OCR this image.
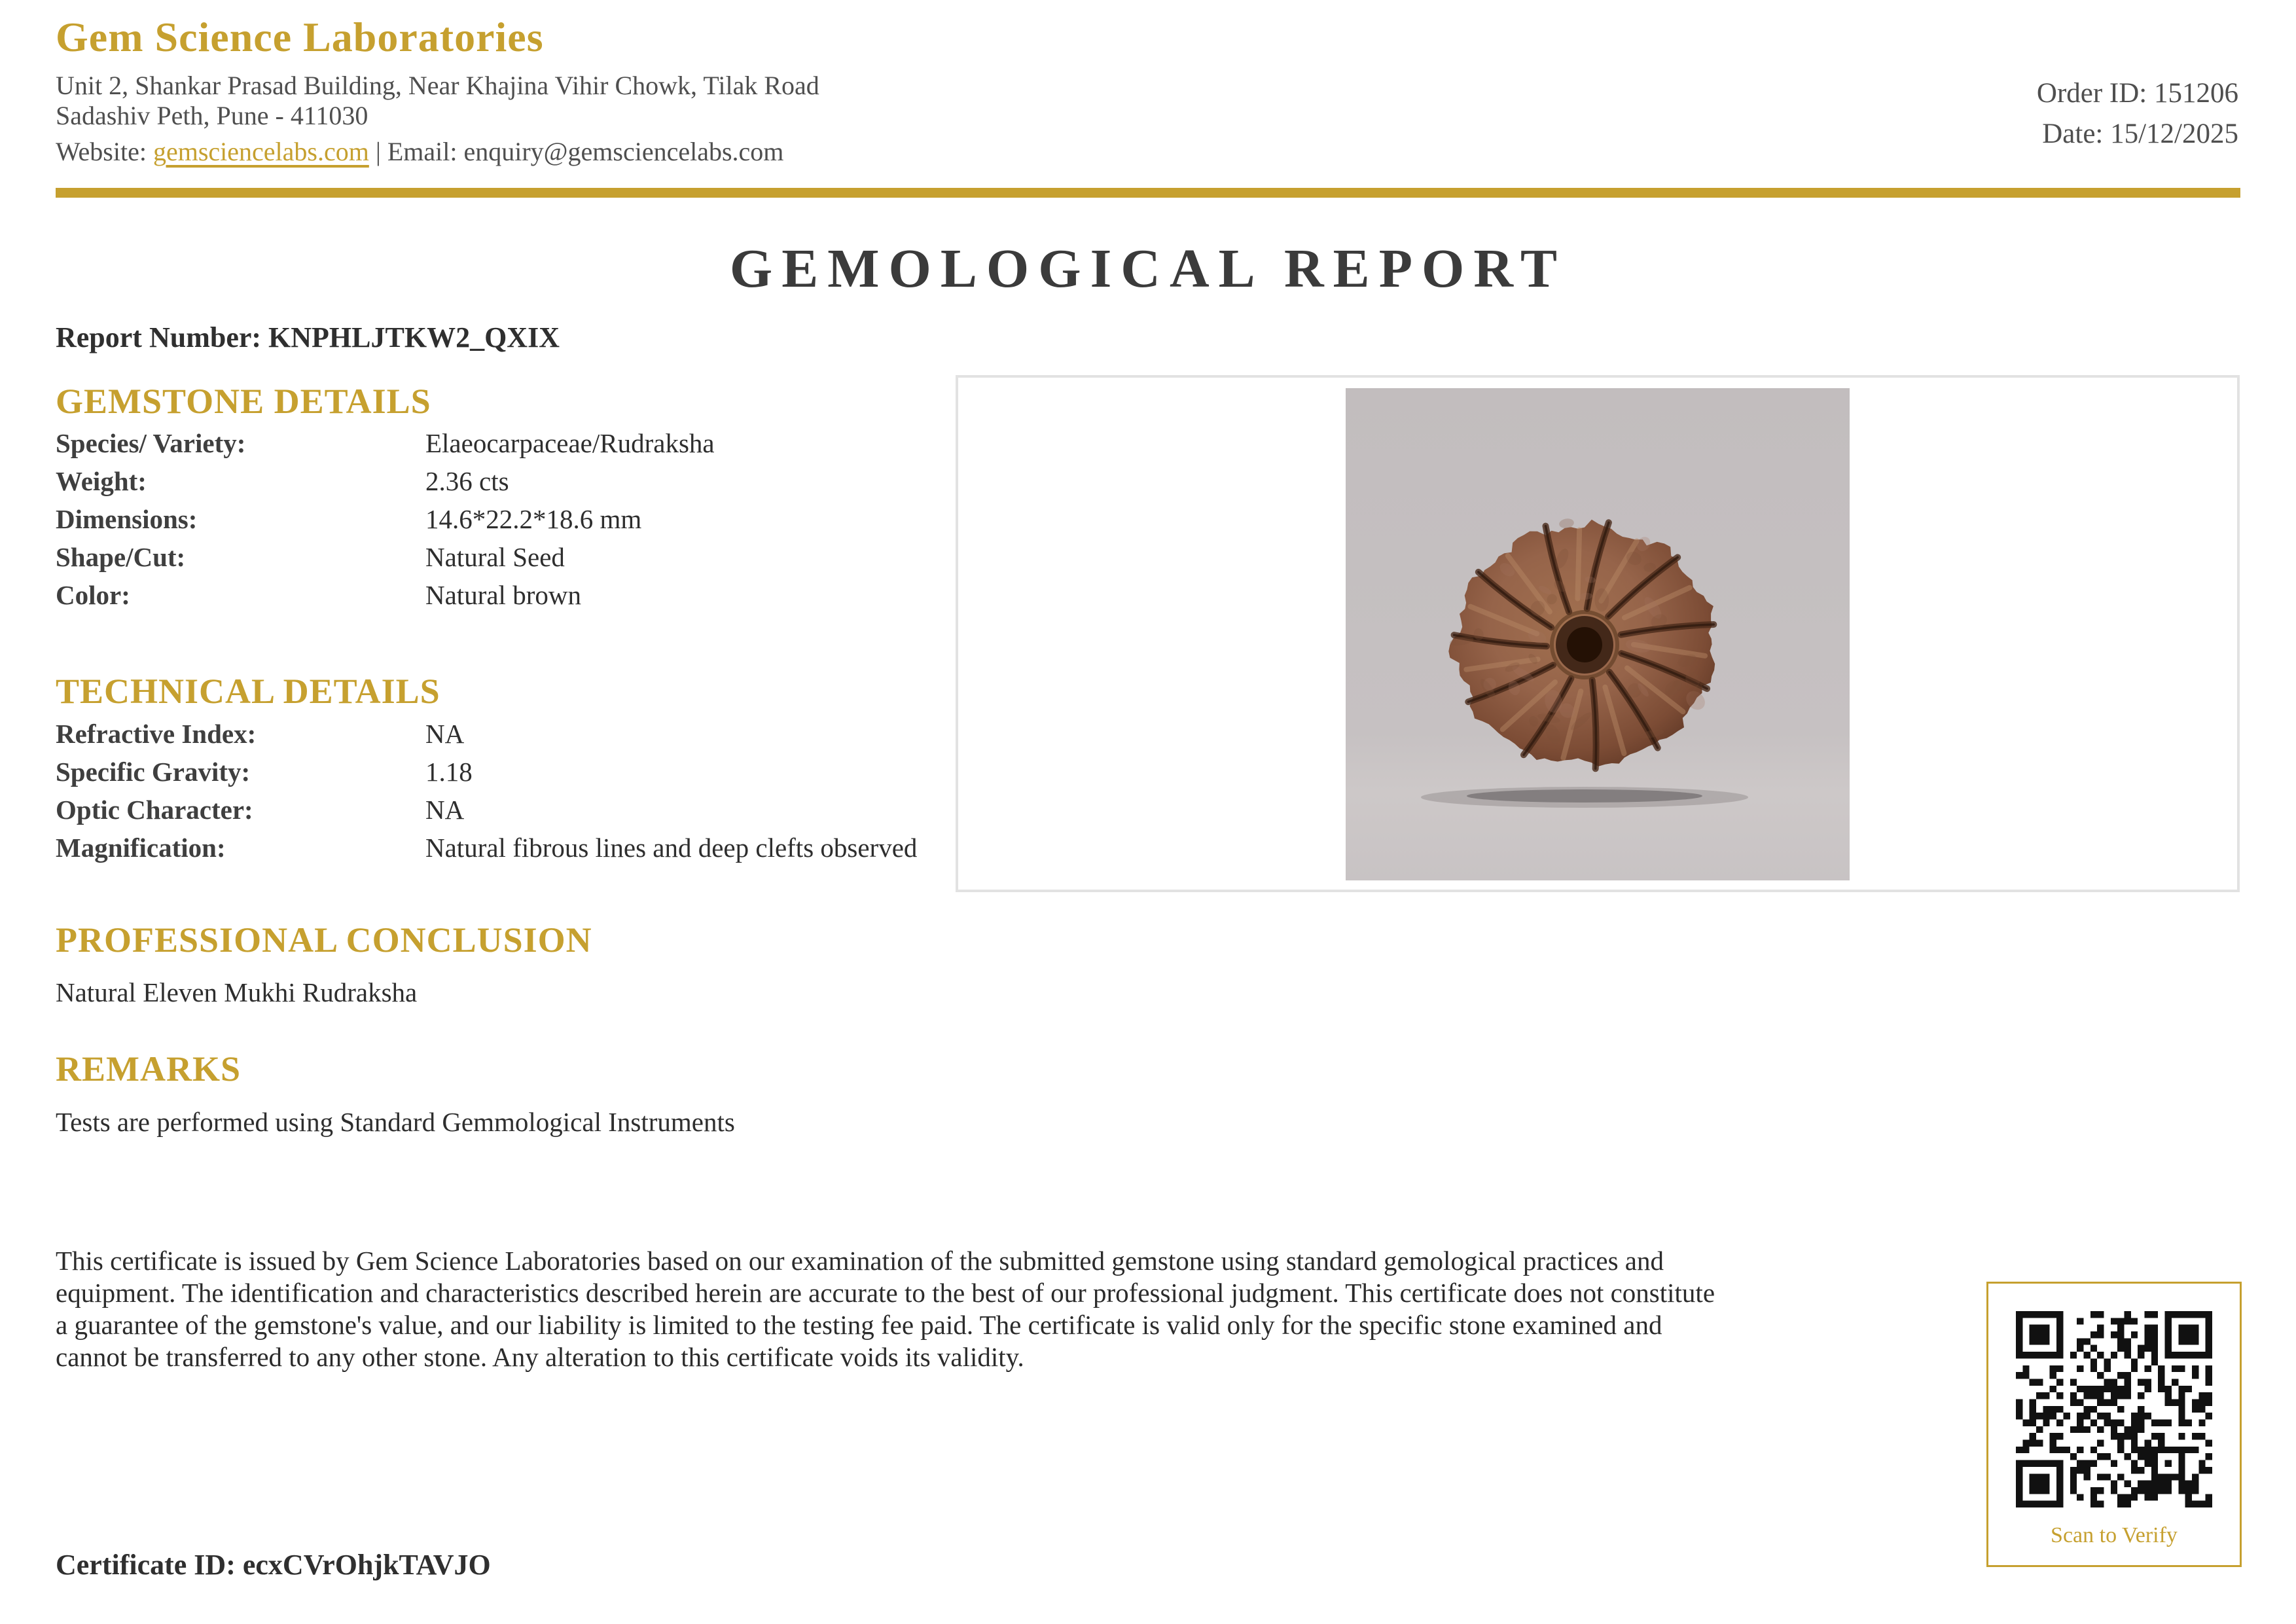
Gem Science Laboratories
Unit 2, Shankar Prasad Building, Near Khajina Vihir Chowk, Tilak Road
Sadashiv Peth, Pune - 411030
Website: gemsciencelabs.com | Email: enquiry@gemsciencelabs.com
Order ID: 151206
Date: 15/12/2025
GEMOLOGICAL REPORT
Report Number: KNPHLJTKW2_QXIX
GEMSTONE DETAILS
Species/ Variety:	Elaeocarpaceae/Rudraksha
Weight:	2.36 cts
Dimensions:	14.6*22.2*18.6 mm
Shape/Cut:	Natural Seed
Color:	Natural brown
TECHNICAL DETAILS
Refractive Index:	NA
Specific Gravity:	1.18
Optic Character:	NA
Magnification:	Natural fibrous lines and deep clefts observed
PROFESSIONAL CONCLUSION
Natural Eleven Mukhi Rudraksha
REMARKS
Tests are performed using Standard Gemmological Instruments
This certificate is issued by Gem Science Laboratories based on our examination of the submitted gemstone using standard gemological practices and equipment. The identification and characteristics described herein are accurate to the best of our professional judgment. This certificate does not constitute a guarantee of the gemstone's value, and our liability is limited to the testing fee paid. The certificate is valid only for the specific stone examined and cannot be transferred to any other stone. Any alteration to this certificate voids its validity.
Certificate ID: ecxCVrOhjkTAVJO
Scan to Verify
